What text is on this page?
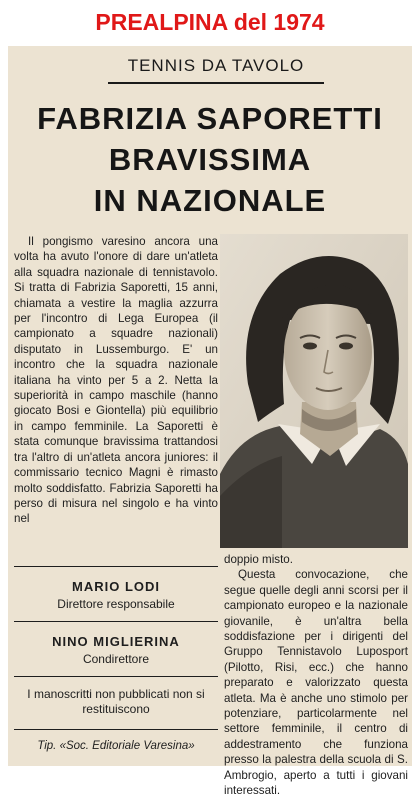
PREALPINA del 1974
TENNIS DA TAVOLO
FABRIZIA SAPORETTI
BRAVISSIMA
IN NAZIONALE

Il pongismo varesino ancora una volta ha avuto l'onore di dare un'atleta alla squadra nazionale di tennistavolo. Si tratta di Fabrizia Saporetti, 15 anni, chiamata a vestire la maglia azzurra per l'incontro di Lega Europea (il campionato a squadre nazionali) disputato in Lussemburgo. E' un incontro che la squadra nazionale italiana ha vinto per 5 a 2. Netta la superiorità in campo maschile (hanno giocato Bosi e Giontella) più equilibrio in campo femminile. La Saporetti è stata comunque bravissima trattandosi tra l'altro di un'atleta ancora juniores: il commissario tecnico Magni è rimasto molto soddisfatto. Fabrizia Saporetti ha perso di misura nel singolo e ha vinto nel

doppio misto.

Questa convocazione, che segue quelle degli anni scorsi per il campionato europeo e la nazionale giovanile, è un'altra bella soddisfazione per i dirigenti del Gruppo Tennistavolo Luposport (Pilotto, Risi, ecc.) che hanno preparato e valorizzato questa atleta. Ma è anche uno stimolo per potenziare, particolarmente nel settore femminile, il centro di addestramento che funziona presso la palestra della scuola di S. Ambrogio, aperto a tutti i giovani interessati.

MARIO LODI
Direttore responsabile
NINO MIGLIERINA
Condirettore
I manoscritti non pubblicati non si restituiscono
Tip. «Soc. Editoriale Varesina»
